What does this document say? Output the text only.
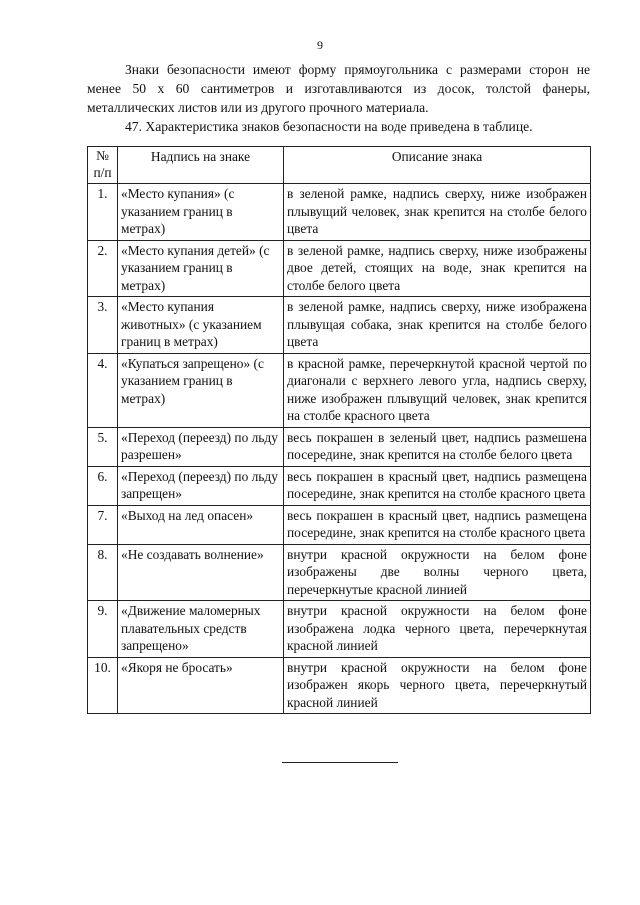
9

Знаки безопасности имеют форму прямоугольника с размерами сторон не менее 50 х 60 сантиметров и изготавливаются из досок, толстой фанеры, металлических листов или из другого прочного материала.

47. Характеристика знаков безопасности на воде приведена в таблице.

№
п/п	Надпись на знаке	Описание знака
1.	«Место купания» (с указанием границ в метрах)	в зеленой рамке, надпись сверху, ниже изображен плывущий человек, знак крепится на столбе белого цвета
2.	«Место купания детей» (с указанием границ в метрах)	в зеленой рамке, надпись сверху, ниже изображены двое детей, стоящих на воде, знак крепится на столбе белого цвета
3.	«Место купания животных» (с указанием границ в метрах)	в зеленой рамке, надпись сверху, ниже изображена плывущая собака, знак крепится на столбе белого цвета
4.	«Купаться запрещено» (с указанием границ в метрах)	в красной рамке, перечеркнутой красной чертой по диагонали с верхнего левого угла, надпись сверху, ниже изображен плывущий человек, знак крепится на столбе красного цвета
5.	«Переход (переезд) по льду разрешен»	весь покрашен в зеленый цвет, надпись размешена посередине, знак крепится на столбе белого цвета
6.	«Переход (переезд) по льду запрещен»	весь покрашен в красный цвет, надпись размещена посередине, знак крепится на столбе красного цвета
7.	«Выход на лед опасен»	весь покрашен в красный цвет, надпись размещена посередине, знак крепится на столбе красного цвета
8.	«Не создавать волнение»	внутри красной окружности на белом фоне изображены две волны черного цвета, перечеркнутые красной линией
9.	«Движение маломерных плавательных средств запрещено»	внутри красной окружности на белом фоне изображена лодка черного цвета, перечеркнутая красной линией
10.	«Якоря не бросать»	внутри красной окружности на белом фоне изображен якорь черного цвета, перечеркнутый красной линией
